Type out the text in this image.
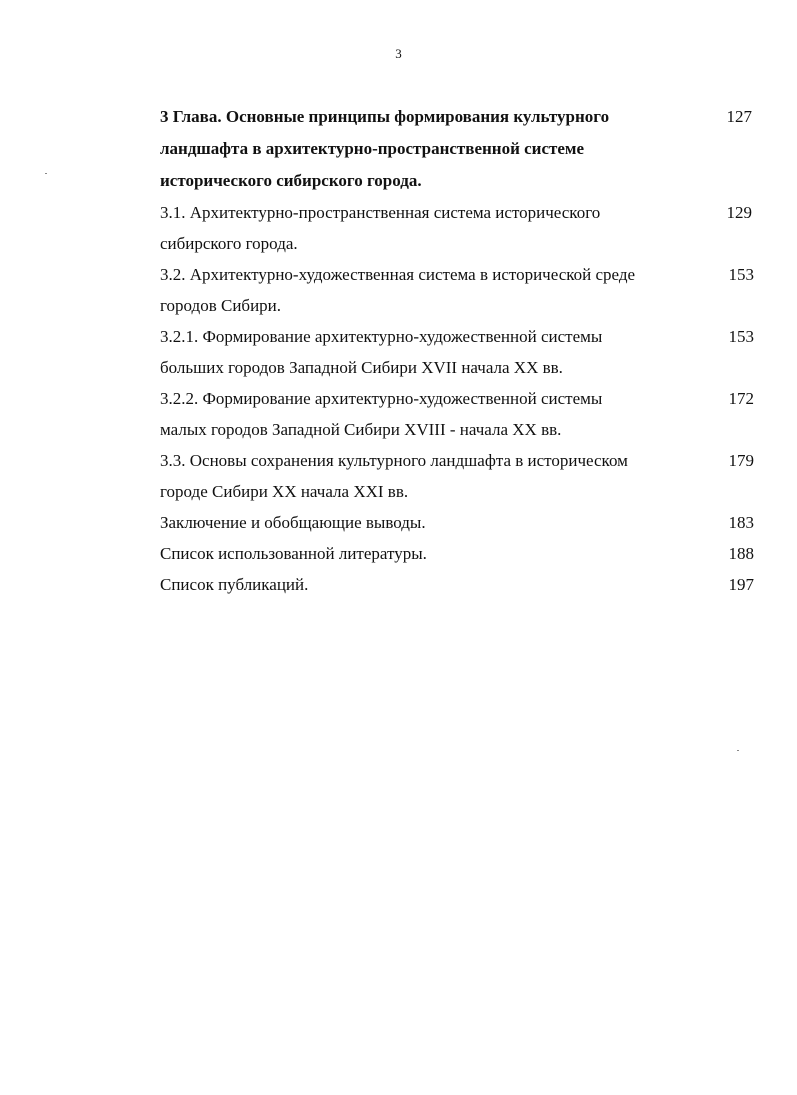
3
3 Глава. Основные принципы формирования культурного
ландшафта в архитектурно-пространственной системе
исторического сибирского города.
127
3.1. Архитектурно-пространственная система исторического
сибирского города.
129
3.2. Архитектурно-художественная система в исторической среде
городов Сибири.
153
3.2.1. Формирование архитектурно-художественной системы
больших городов Западной Сибири XVII начала XX вв.
153
3.2.2. Формирование архитектурно-художественной системы
малых городов Западной Сибири XVIII - начала XX вв.
172
3.3. Основы сохранения культурного ландшафта в историческом
городе Сибири XX начала XXI вв.
179
Заключение и обобщающие выводы.	183
Список использованной литературы.	188
Список публикаций.	197
